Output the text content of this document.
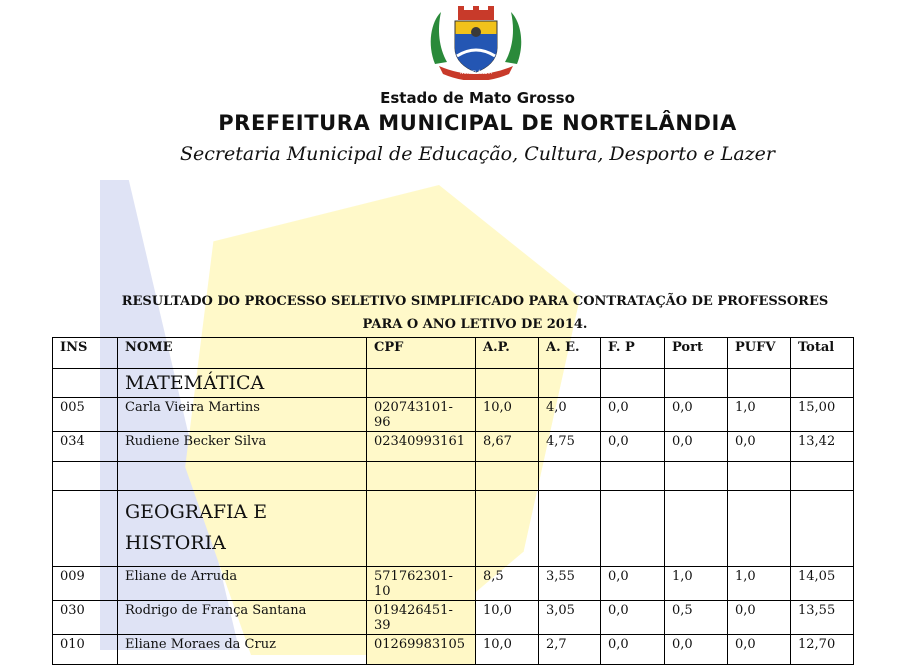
NORTELÂNDIA
Estado de Mato Grosso
PREFEITURA MUNICIPAL DE NORTELÂNDIA
Secretaria Municipal de Educação, Cultura, Desporto e Lazer
RESULTADO DO PROCESSO SELETIVO SIMPLIFICADO PARA CONTRATAÇÃO DE PROFESSORES
PARA O ANO LETIVO DE 2014.
INS	NOME	CPF	A.P.	A. E.	F. P	Port	PUFV	Total

	MATEMÁTICA							

005	Carla Vieira Martins	020743101-96	10,0	4,0	0,0	0,0	1,0	15,00
034	Rudiene Becker Silva	02340993161	8,67	4,75	0,0	0,0	0,0	13,42

	GEOGRAFIA E
HISTORIA							

009	Eliane de Arruda	571762301-10	8,5	3,55	0,0	1,0	1,0	14,05
030	Rodrigo de França Santana	019426451-39	10,0	3,05	0,0	0,5	0,0	13,55
010	Eliane Moraes da Cruz	01269983105	10,0	2,7	0,0	0,0	0,0	12,70
